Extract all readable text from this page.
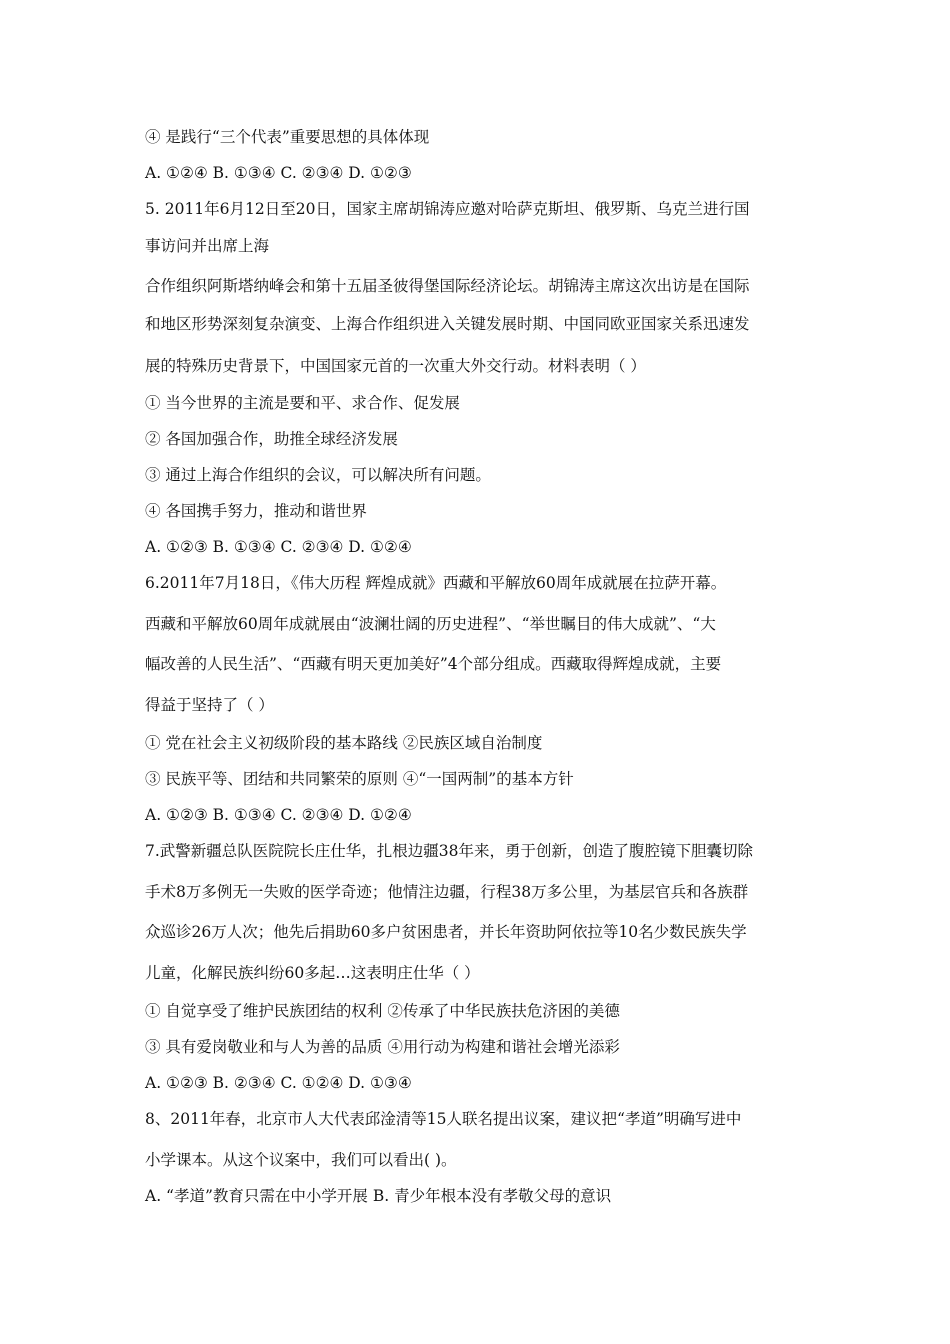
④ 是践行“三个代表”重要思想的具体体现
A. ①②④ B. ①③④ C. ②③④ D. ①②③
5. 2011年6月12日至20日，国家主席胡锦涛应邀对哈萨克斯坦、俄罗斯、乌克兰进行国
事访问并出席上海
合作组织阿斯塔纳峰会和第十五届圣彼得堡国际经济论坛。胡锦涛主席这次出访是在国际
和地区形势深刻复杂演变、上海合作组织进入关键发展时期、中国同欧亚国家关系迅速发
展的特殊历史背景下，中国国家元首的一次重大外交行动。材料表明（ ）
① 当今世界的主流是要和平、求合作、促发展
② 各国加强合作，助推全球经济发展
③ 通过上海合作组织的会议，可以解决所有问题。
④ 各国携手努力，推动和谐世界
A. ①②③ B. ①③④ C. ②③④ D. ①②④
6.2011年7月18日，《伟大历程 辉煌成就》西藏和平解放60周年成就展在拉萨开幕。
西藏和平解放60周年成就展由“波澜壮阔的历史进程”、“举世瞩目的伟大成就”、“大
幅改善的人民生活”、“西藏有明天更加美好”4个部分组成。西藏取得辉煌成就，主要
得益于坚持了（ ）
① 党在社会主义初级阶段的基本路线 ②民族区域自治制度
③ 民族平等、团结和共同繁荣的原则 ④“一国两制”的基本方针
A. ①②③ B. ①③④ C. ②③④ D. ①②④
7.武警新疆总队医院院长庄仕华，扎根边疆38年来，勇于创新，创造了腹腔镜下胆囊切除
手术8万多例无一失败的医学奇迹；他情注边疆，行程38万多公里，为基层官兵和各族群
众巡诊26万人次；他先后捐助60多户贫困患者，并长年资助阿依拉等10名少数民族失学
儿童，化解民族纠纷60多起…这表明庄仕华（ ）
① 自觉享受了维护民族团结的权利 ②传承了中华民族扶危济困的美德
③ 具有爱岗敬业和与人为善的品质 ④用行动为构建和谐社会增光添彩
A. ①②③ B. ②③④ C. ①②④ D. ①③④
8、2011年春，北京市人大代表邱淦清等15人联名提出议案，建议把“孝道”明确写进中
小学课本。从这个议案中，我们可以看出( )。
A. “孝道”教育只需在中小学开展 B. 青少年根本没有孝敬父母的意识
